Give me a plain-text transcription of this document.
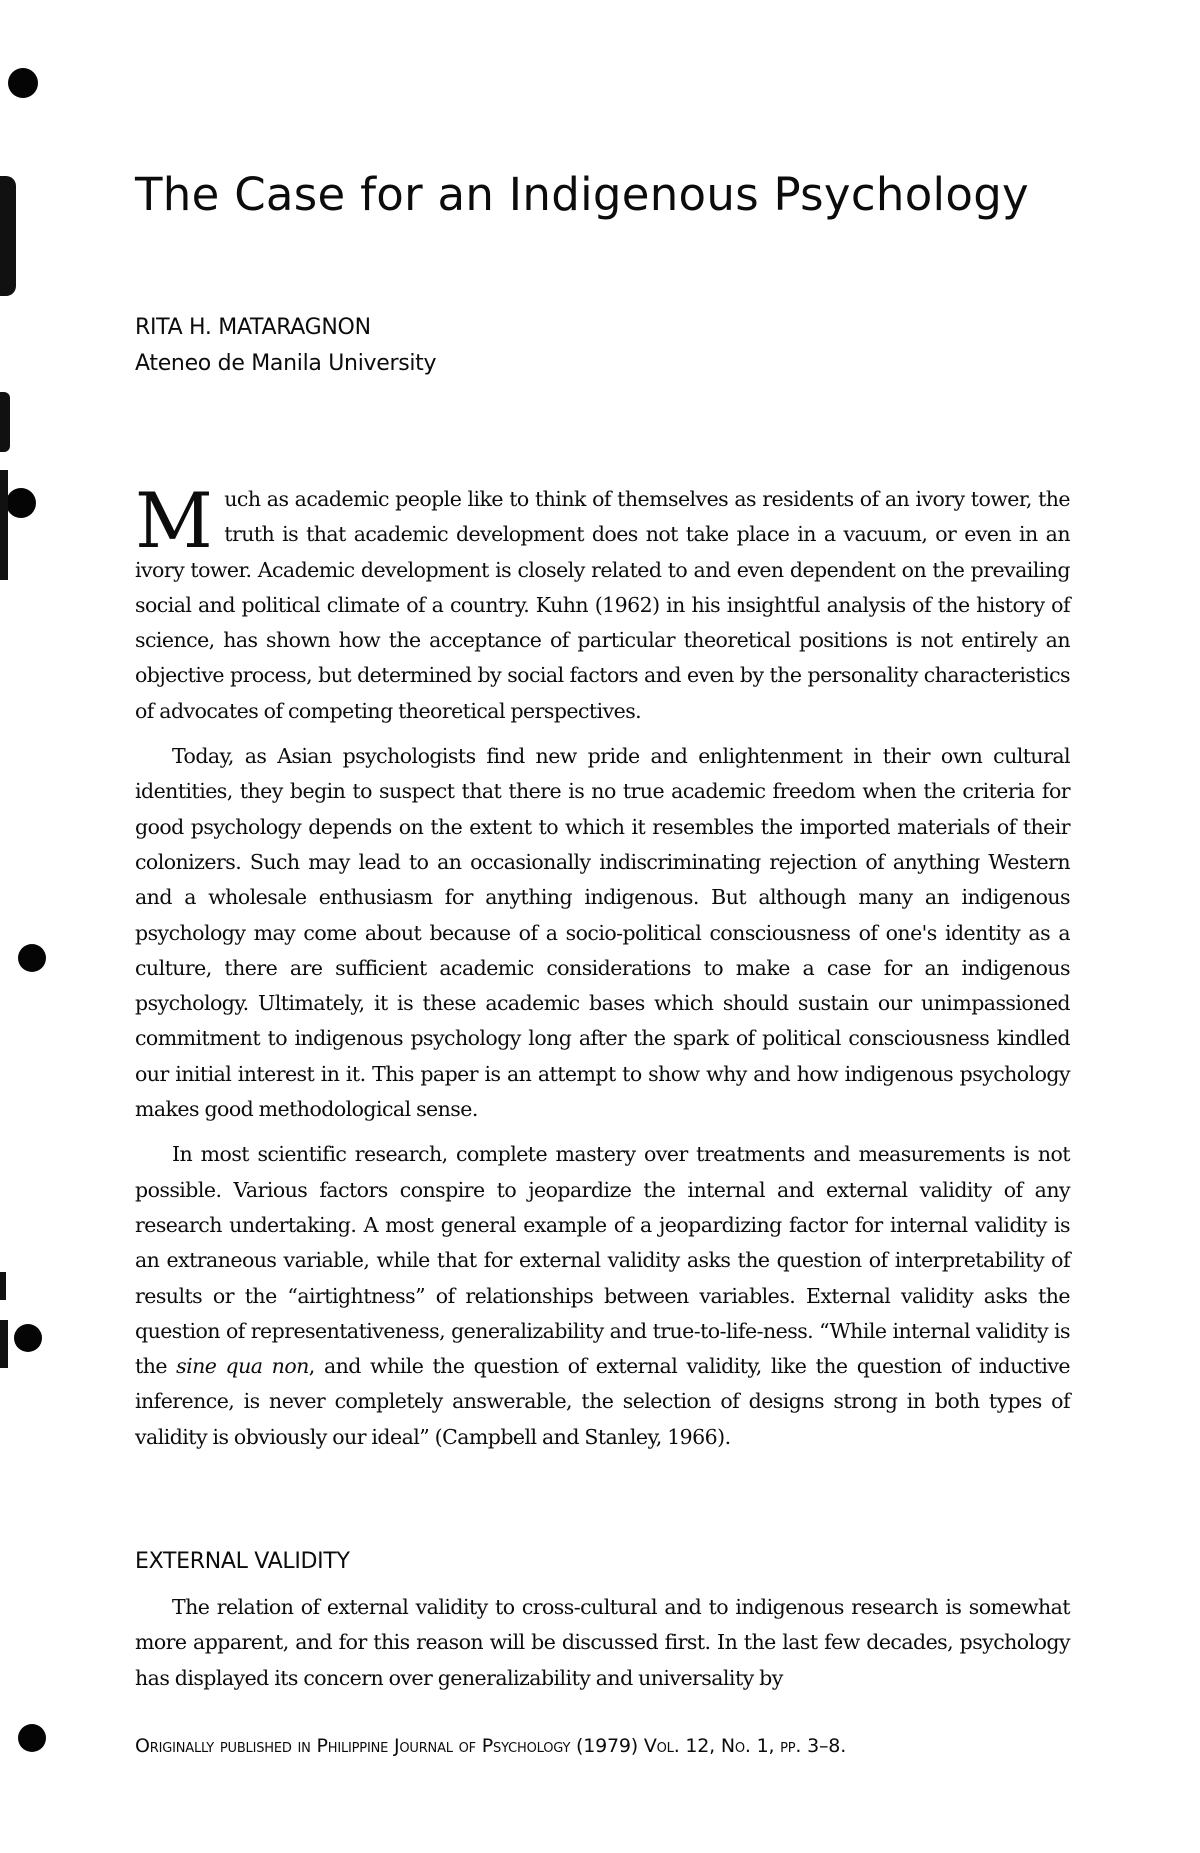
The Case for an Indigenous Psychology
RITA H. MATARAGNON
Ateneo de Manila University

Much as academic people like to think of themselves as residents of an ivory tower, the truth is that academic development does not take place in a vacuum, or even in an ivory tower. Academic development is closely related to and even dependent on the prevailing social and political climate of a country. Kuhn (1962) in his insightful analysis of the history of science, has shown how the acceptance of particular theoretical positions is not entirely an objective process, but determined by social factors and even by the personality characteristics of advocates of competing theoretical perspectives.

Today, as Asian psychologists find new pride and enlightenment in their own cultural identities, they begin to suspect that there is no true academic freedom when the criteria for good psychology depends on the extent to which it resembles the imported materials of their colonizers. Such may lead to an occasionally indiscriminating rejection of anything Western and a wholesale enthusiasm for anything indigenous. But although many an indigenous psychology may come about because of a socio-political consciousness of one's identity as a culture, there are sufficient academic considerations to make a case for an indigenous psychology. Ultimately, it is these academic bases which should sustain our unimpassioned commitment to indigenous psychology long after the spark of political consciousness kindled our initial interest in it. This paper is an attempt to show why and how indigenous psychology makes good methodological sense.

In most scientific research, complete mastery over treatments and measurements is not possible. Various factors conspire to jeopardize the internal and external validity of any research undertaking. A most general example of a jeopardizing factor for internal validity is an extraneous variable, while that for external validity asks the question of interpretability of results or the “airtightness” of relationships between variables. External validity asks the question of representativeness, generalizability and true-to-life-ness. “While internal validity is the sine qua non, and while the question of external validity, like the question of inductive inference, is never completely answerable, the selection of designs strong in both types of validity is obviously our ideal” (Campbell and Stanley, 1966).

EXTERNAL VALIDITY

The relation of external validity to cross-cultural and to indigenous research is somewhat more apparent, and for this reason will be discussed first. In the last few decades, psychology has displayed its concern over generalizability and universality by

Originally published in Philippine Journal of Psychology (1979) Vol. 12, No. 1, pp. 3–8.
